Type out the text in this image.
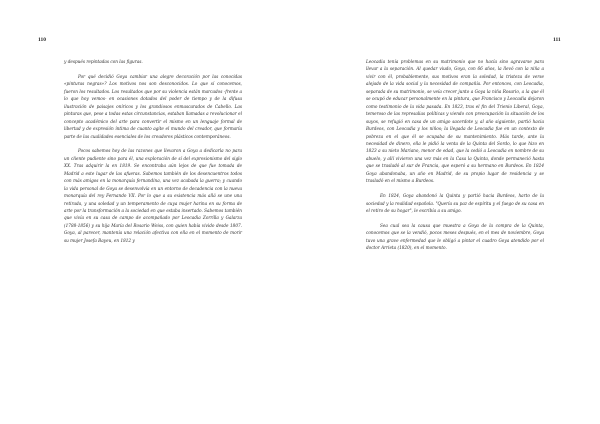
110	111

y después repintadas con las figuras.

Por qué decidió Goya cambiar una alegre decoración por las conocidas «pinturas negras»? Los motivos nos son desconocidos. Lo que sí conocemos, fueron los resultados. Los resultados que por su violencia están marcados -frente a lo que hoy vemos- en ocasiones dotados del poder de tiempo y de la difusa ilustración de paisajes oníricos y los grandiosos enmascarados de Cabello. Las pinturas que, pese a todas estas circunstancias, estaban llamadas a revolucionar el concepto académico del arte para convertir el mismo en un lenguaje formal de libertad y de expresión íntima de cuanto agite el mundo del creador, que formaría parte de las cualidades esenciales de los creadores plásticos contemporáneos.

Pocos sabemos hoy de las razones que llevaron a Goya a dedicarla no para un cliente pudiente sino para él, una exploración de sí del expresionismo del siglo XX. Tras adquirir la en 1819. Se encontraba aún lejos de que fue tomada de Madrid a este lugar de las afueras. Sabemos también de los desencuentros todos con más amigos en la monarquía fernandina, una vez acabada la guerra; y cuando la vida personal de Goya se desenvolvía en un entorno de decadencia con la nueva monarquía del rey Fernando VII. Por lo que a su existencia más allá se une una retirada, y una soledad y un temperamento de cuya mujer harina en su forma de arte por la transformación a la sociedad en que estaba insertado. Sabemos también que vivía en su casa de campo de acompañado por Leocadia Zorrilla y Galarza (1788-1856) y su hija María del Rosario Weiss, con quien había vivido desde 1807. Goya, al parecer, mantenía una relación afectiva con ella en el momento de morir su mujer Josefa Bayeu, en 1812 y

Leocadia tenía problemas en su matrimonio que no hacía sino agravarse para llevar a la separación. Al quedar viudo, Goya, con 66 años, la llevó con la niña a vivir con él, probablemente, sus motivos eran la soledad, la tristeza de verse alejado de la vida social y la necesidad de compañía. Por entonces, con Leocadia, separada de su matrimonio, se veía crecer junto a Goya la niña Rosario, a la que él se ocupó de educar personalmente en la pintura, que Francisco y Leocadia dejaron como testimonio de la vida pasada. En 1823, tras el fin del Trienio Liberal, Goya, temeroso de las represalias políticas y viendo con preocupación la situación de los suyos, se refugió en casa de un amigo sacerdote y, al año siguiente, partió hacia Burdeos, con Leocadia y los niños; la llegada de Leocadia fue en un contexto de pobreza en el que él se ocupaba de su mantenimiento. Más tarde, ante la necesidad de dinero, ella le pidió la venta de la Quinta del Sordo, lo que hizo en 1823 a su nieto Mariano, menor de edad, que la cedió a Leocadia en nombre de su abuelo, y allí vivieron una vez más en la Casa la Quinta, donde permaneció hasta que se trasladó al sur de Francia, que esperó a su hermano en Burdeos. En 1824 Goya abandonaba, un año en Madrid, de su propio lugar de residencia y se trasladó en el mismo a Burdeos.

En 1824, Goya abandonó la Quinta y partió hacia Burdeos, harto de la sociedad y la realidad española. "Quería su paz de espíritu y el fuego de su casa en el retiro de su hogar", le escribía a su amigo.

Sea cual sea la causa que muestra a Goya de la compra de la Quinta, conocemos que se la vendió, pocos meses después, en el mes de noviembre, Goya tuvo una grave enfermedad que le obligó a pintar el cuadro Goya atendido por el doctor Arrieta (1820), en el momento.
